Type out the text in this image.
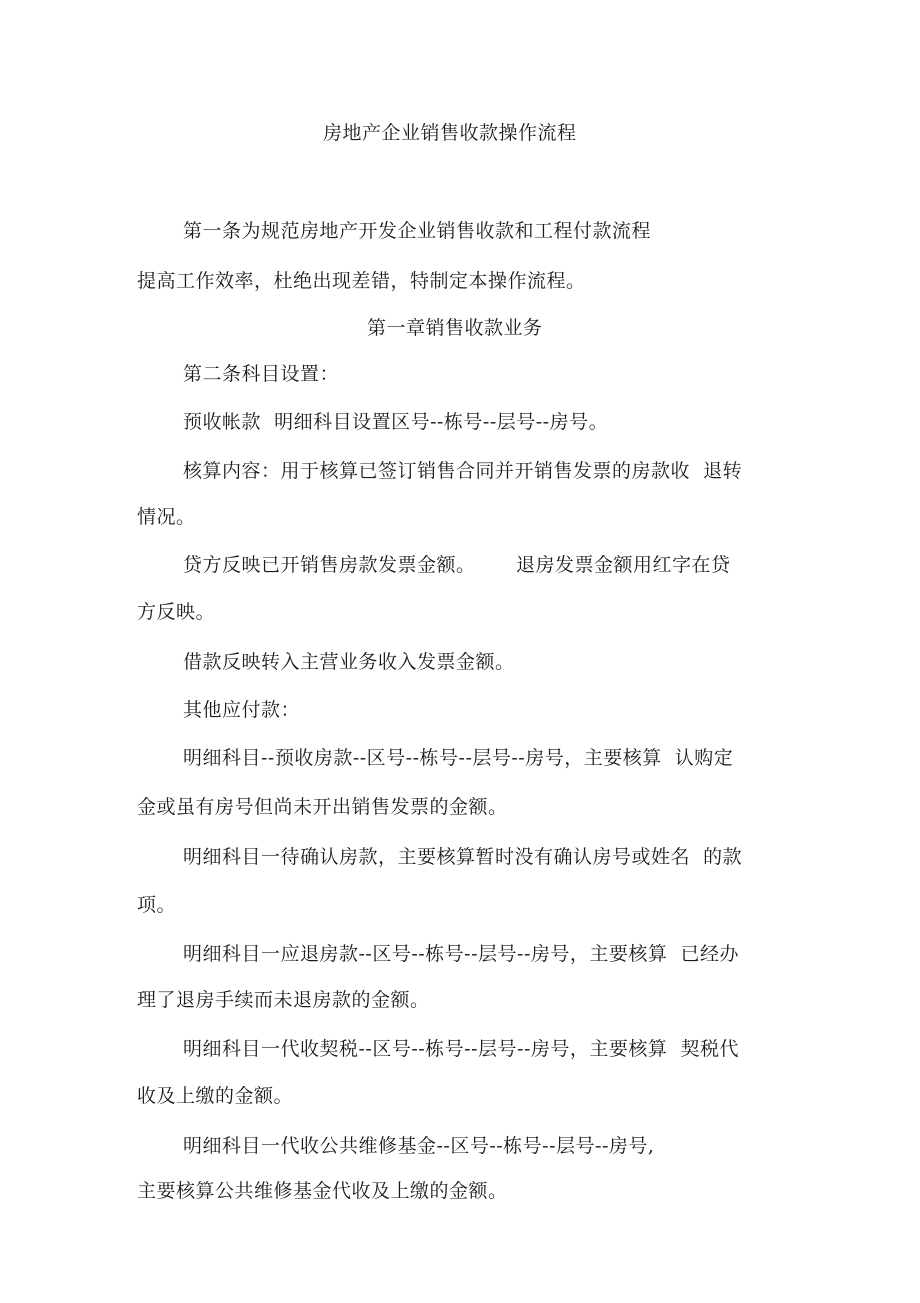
房地产企业销售收款操作流程
第一条为规范房地产开发企业销售收款和工程付款流程
提高工作效率，杜绝出现差错，特制定本操作流程。
第一章销售收款业务
第二条科目设置：
预收帐款  明细科目设置区号--栋号--层号--房号。
核算内容：用于核算已签订销售合同并开销售发票的房款收  退转
情况。
贷方反映已开销售房款发票金额。 退房发票金额用红字在贷
方反映。
借款反映转入主营业务收入发票金额。
其他应付款：
明细科目--预收房款--区号--栋号--层号--房号，主要核算  认购定
金或虽有房号但尚未开出销售发票的金额。
明细科目一待确认房款，主要核算暂时没有确认房号或姓名  的款
项。
明细科目一应退房款--区号--栋号--层号--房号，主要核算  已经办
理了退房手续而未退房款的金额。
明细科目一代收契税--区号--栋号--层号--房号，主要核算  契税代
收及上缴的金额。
明细科目一代收公共维修基金--区号--栋号--层号--房号,
主要核算公共维修基金代收及上缴的金额。
